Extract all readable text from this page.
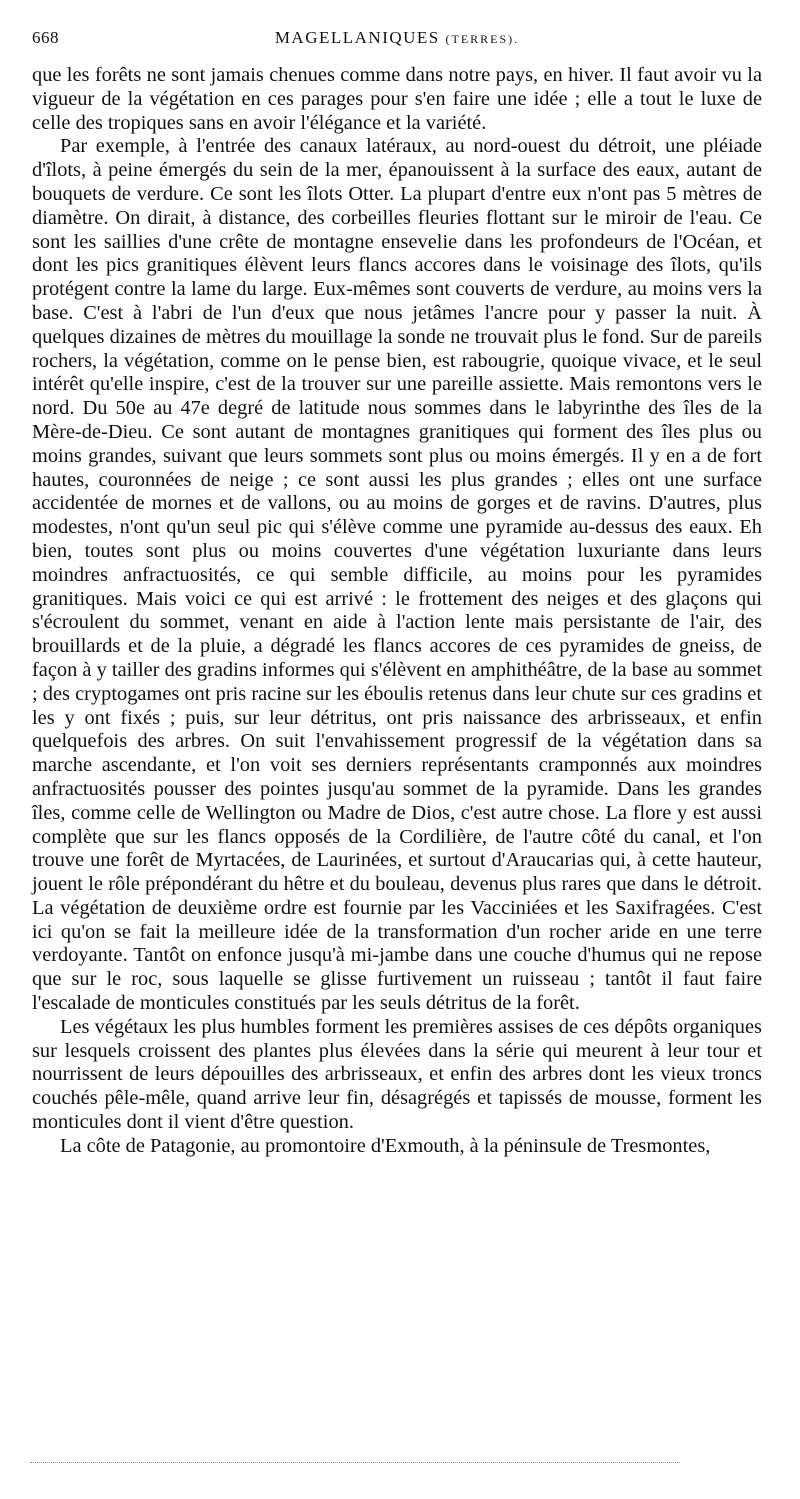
668	MAGELLANIQUES (TERRES).

que les forêts ne sont jamais chenues comme dans notre pays, en hiver. Il faut avoir vu la vigueur de la végétation en ces parages pour s'en faire une idée ; elle a tout le luxe de celle des tropiques sans en avoir l'élégance et la variété.

Par exemple, à l'entrée des canaux latéraux, au nord-ouest du détroit, une pléiade d'îlots, à peine émergés du sein de la mer, épanouissent à la surface des eaux, autant de bouquets de verdure. Ce sont les îlots Otter. La plupart d'entre eux n'ont pas 5 mètres de diamètre. On dirait, à distance, des corbeilles fleuries flottant sur le miroir de l'eau. Ce sont les saillies d'une crête de montagne ensevelie dans les profondeurs de l'Océan, et dont les pics granitiques élèvent leurs flancs accores dans le voisinage des îlots, qu'ils protégent contre la lame du large. Eux-mêmes sont couverts de verdure, au moins vers la base. C'est à l'abri de l'un d'eux que nous jetâmes l'ancre pour y passer la nuit. À quelques dizaines de mètres du mouillage la sonde ne trouvait plus le fond. Sur de pareils rochers, la végétation, comme on le pense bien, est rabougrie, quoique vivace, et le seul intérêt qu'elle inspire, c'est de la trouver sur une pareille assiette. Mais remontons vers le nord. Du 50e au 47e degré de latitude nous sommes dans le labyrinthe des îles de la Mère-de-Dieu. Ce sont autant de montagnes granitiques qui forment des îles plus ou moins grandes, suivant que leurs sommets sont plus ou moins émergés. Il y en a de fort hautes, couronnées de neige ; ce sont aussi les plus grandes ; elles ont une surface accidentée de mornes et de vallons, ou au moins de gorges et de ravins. D'autres, plus modestes, n'ont qu'un seul pic qui s'élève comme une pyramide au-dessus des eaux. Eh bien, toutes sont plus ou moins couvertes d'une végétation luxuriante dans leurs moindres anfractuosités, ce qui semble difficile, au moins pour les pyramides granitiques. Mais voici ce qui est arrivé : le frottement des neiges et des glaçons qui s'écroulent du sommet, venant en aide à l'action lente mais persistante de l'air, des brouillards et de la pluie, a dégradé les flancs accores de ces pyramides de gneiss, de façon à y tailler des gradins informes qui s'élèvent en amphithéâtre, de la base au sommet ; des cryptogames ont pris racine sur les éboulis retenus dans leur chute sur ces gradins et les y ont fixés ; puis, sur leur détritus, ont pris naissance des arbrisseaux, et enfin quelquefois des arbres. On suit l'envahissement progressif de la végétation dans sa marche ascendante, et l'on voit ses derniers représentants cramponnés aux moindres anfractuosités pousser des pointes jusqu'au sommet de la pyramide. Dans les grandes îles, comme celle de Wellington ou Madre de Dios, c'est autre chose. La flore y est aussi complète que sur les flancs opposés de la Cordilière, de l'autre côté du canal, et l'on trouve une forêt de Myrtacées, de Laurinées, et surtout d'Araucarias qui, à cette hauteur, jouent le rôle prépondérant du hêtre et du bouleau, devenus plus rares que dans le détroit. La végétation de deuxième ordre est fournie par les Vacciniées et les Saxifragées. C'est ici qu'on se fait la meilleure idée de la transformation d'un rocher aride en une terre verdoyante. Tantôt on enfonce jusqu'à mi-jambe dans une couche d'humus qui ne repose que sur le roc, sous laquelle se glisse furtivement un ruisseau ; tantôt il faut faire l'escalade de monticules constitués par les seuls détritus de la forêt.

Les végétaux les plus humbles forment les premières assises de ces dépôts organiques sur lesquels croissent des plantes plus élevées dans la série qui meurent à leur tour et nourrissent de leurs dépouilles des arbrisseaux, et enfin des arbres dont les vieux troncs couchés pêle-mêle, quand arrive leur fin, désagrégés et tapissés de mousse, forment les monticules dont il vient d'être question.

La côte de Patagonie, au promontoire d'Exmouth, à la péninsule de Tresmontes,
